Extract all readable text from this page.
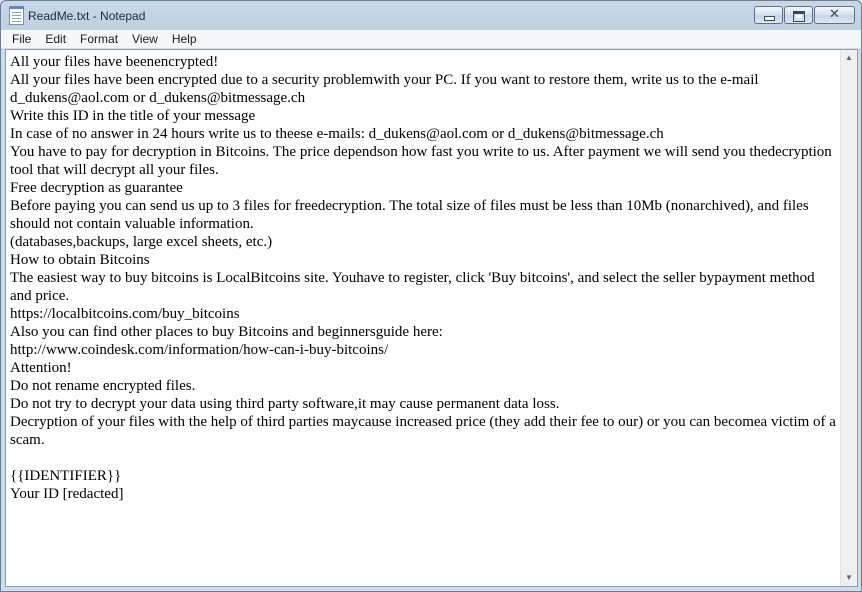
ReadMe.txt - Notepad	✕
File	Edit	Format	View	Help
All your files have beenencrypted!
All your files have been encrypted due to a security problemwith your PC. If you want to restore them, write us to the e-mail d_dukens@aol.com or d_dukens@bitmessage.ch
Write this ID in the title of your message
In case of no answer in 24 hours write us to theese e-mails: d_dukens@aol.com or d_dukens@bitmessage.ch
You have to pay for decryption in Bitcoins. The price dependson how fast you write to us. After payment we will send you thedecryption tool that will decrypt all your files.
Free decryption as guarantee
Before paying you can send us up to 3 files for freedecryption. The total size of files must be less than 10Mb (nonarchived), and files should not contain valuable information.
(databases,backups, large excel sheets, etc.)
How to obtain Bitcoins
The easiest way to buy bitcoins is LocalBitcoins site. Youhave to register, click 'Buy bitcoins', and select the seller bypayment method and price.
https://localbitcoins.com/buy_bitcoins
Also you can find other places to buy Bitcoins and beginnersguide here:
http://www.coindesk.com/information/how-can-i-buy-bitcoins/
Attention!
Do not rename encrypted files.
Do not try to decrypt your data using third party software,it may cause permanent data loss.
Decryption of your files with the help of third parties maycause increased price (they add their fee to our) or you can becomea victim of a scam.

{{IDENTIFIER}}
Your ID [redacted]
▲
▼
